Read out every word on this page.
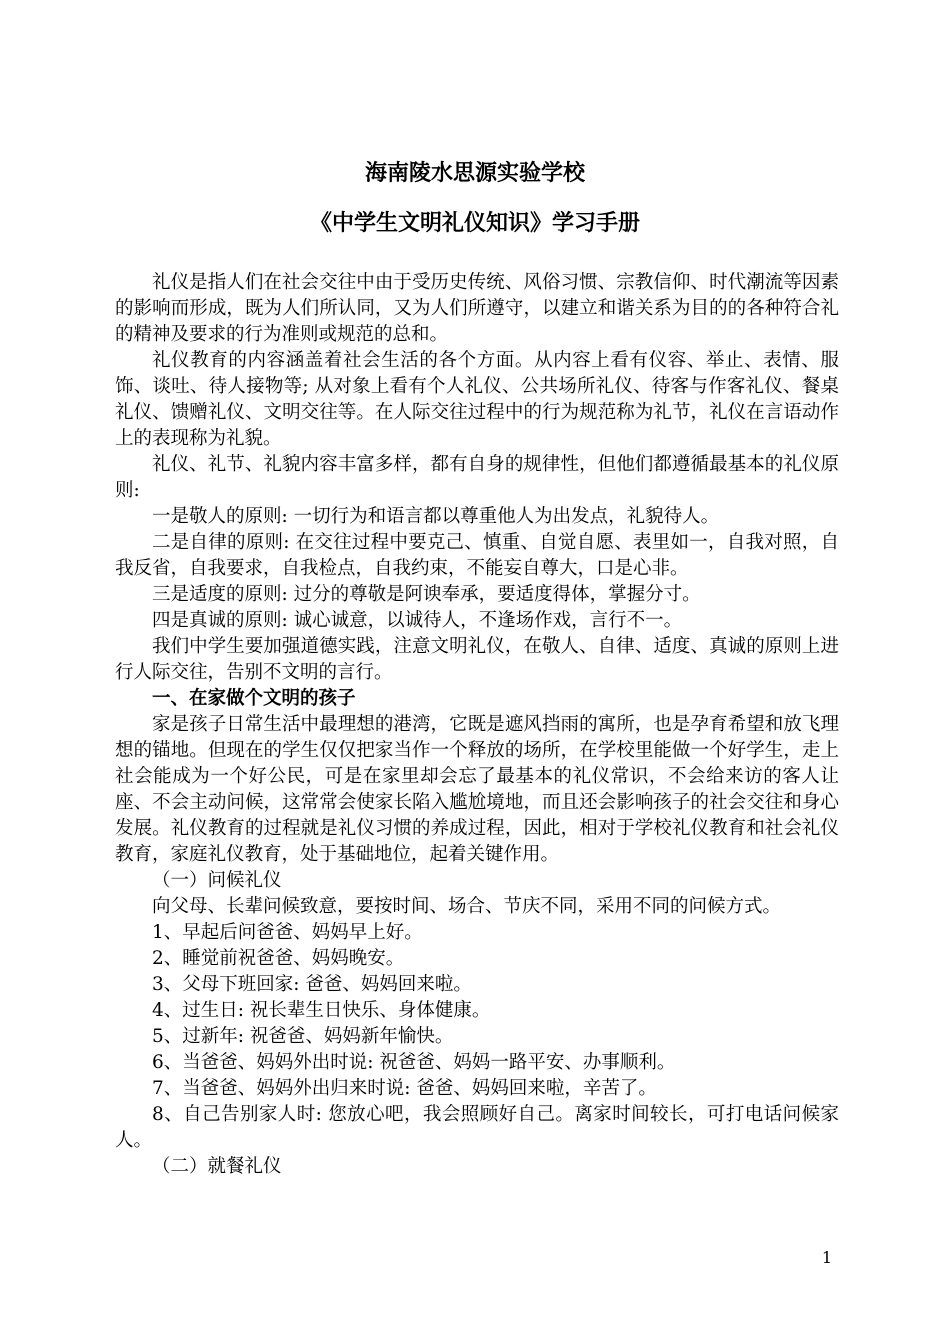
海南陵水思源实验学校
《中学生文明礼仪知识》学习手册

礼仪是指人们在社会交往中由于受历史传统、风俗习惯、宗教信仰、时代潮流等因素的影响而形成，既为人们所认同，又为人们所遵守，以建立和谐关系为目的的各种符合礼的精神及要求的行为准则或规范的总和。

礼仪教育的内容涵盖着社会生活的各个方面。从内容上看有仪容、举止、表情、服饰、谈吐、待人接物等; 从对象上看有个人礼仪、公共场所礼仪、待客与作客礼仪、餐桌礼仪、馈赠礼仪、文明交往等。在人际交往过程中的行为规范称为礼节，礼仪在言语动作上的表现称为礼貌。

礼仪、礼节、礼貌内容丰富多样，都有自身的规律性，但他们都遵循最基本的礼仪原则:

一是敬人的原则: 一切行为和语言都以尊重他人为出发点，礼貌待人。

二是自律的原则: 在交往过程中要克己、慎重、自觉自愿、表里如一，自我对照，自我反省，自我要求，自我检点，自我约束，不能妄自尊大，口是心非。

三是适度的原则: 过分的尊敬是阿谀奉承，要适度得体，掌握分寸。

四是真诚的原则: 诚心诚意，以诚待人，不逢场作戏，言行不一。

我们中学生要加强道德实践，注意文明礼仪，在敬人、自律、适度、真诚的原则上进行人际交往，告别不文明的言行。

一、在家做个文明的孩子

家是孩子日常生活中最理想的港湾，它既是遮风挡雨的寓所，也是孕育希望和放飞理想的锚地。但现在的学生仅仅把家当作一个释放的场所，在学校里能做一个好学生，走上社会能成为一个好公民，可是在家里却会忘了最基本的礼仪常识，不会给来访的客人让座、不会主动问候，这常常会使家长陷入尴尬境地，而且还会影响孩子的社会交往和身心发展。礼仪教育的过程就是礼仪习惯的养成过程，因此，相对于学校礼仪教育和社会礼仪教育，家庭礼仪教育，处于基础地位，起着关键作用。

（一）问候礼仪

向父母、长辈问候致意，要按时间、场合、节庆不同，采用不同的问候方式。

1、早起后问爸爸、妈妈早上好。

2、睡觉前祝爸爸、妈妈晚安。

3、父母下班回家: 爸爸、妈妈回来啦。

4、过生日: 祝长辈生日快乐、身体健康。

5、过新年: 祝爸爸、妈妈新年愉快。

6、当爸爸、妈妈外出时说: 祝爸爸、妈妈一路平安、办事顺利。

7、当爸爸、妈妈外出归来时说: 爸爸、妈妈回来啦，辛苦了。

8、自己告别家人时: 您放心吧，我会照顾好自己。离家时间较长，可打电话问候家人。

（二）就餐礼仪

1
